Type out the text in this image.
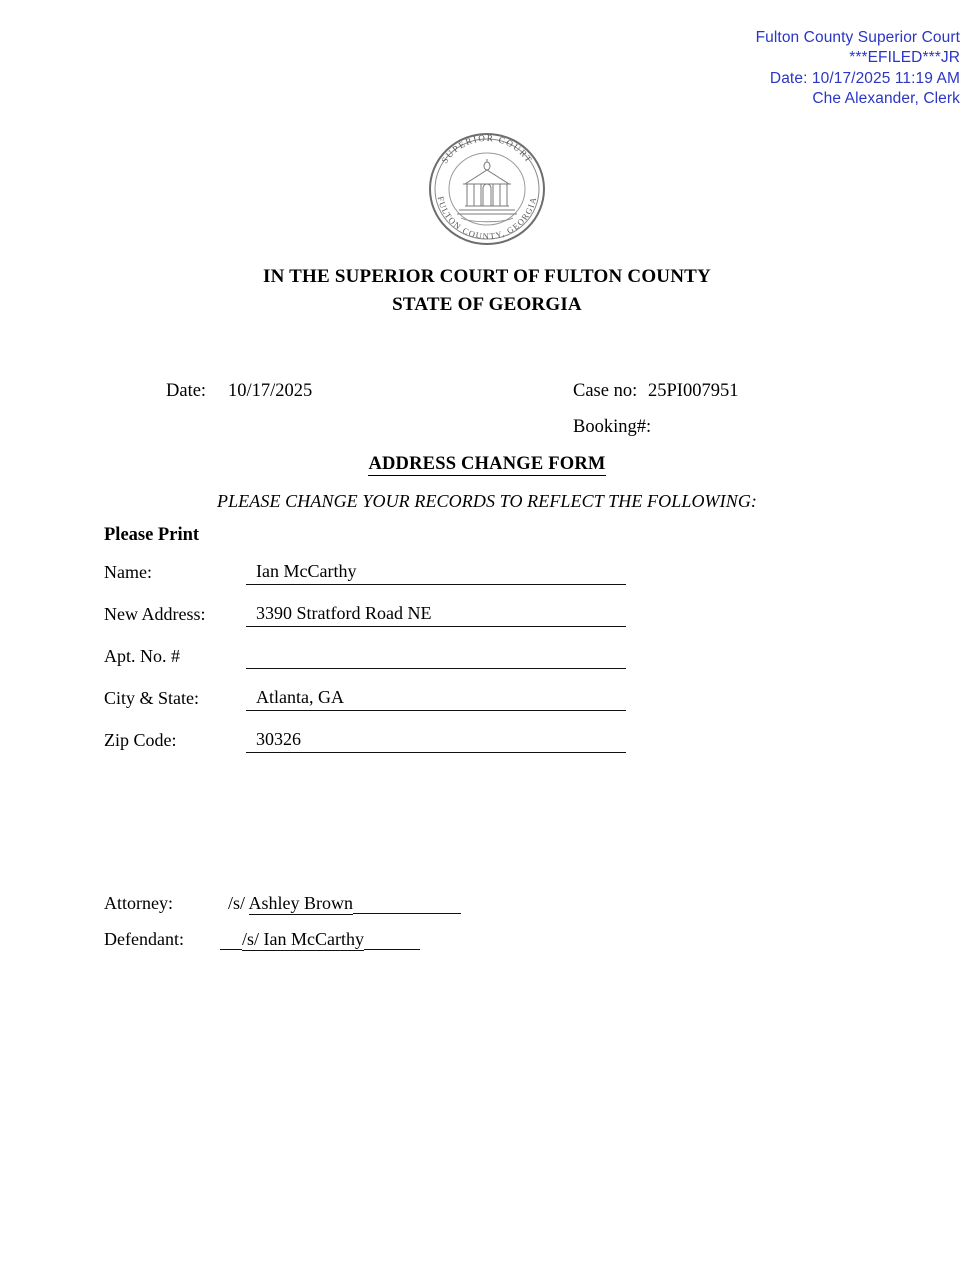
Fulton County Superior Court
***EFILED***JR
Date: 10/17/2025 11:19 AM
Che Alexander, Clerk
SUPERIOR COURT
FULTON COUNTY, GEORGIA
IN THE SUPERIOR COURT OF FULTON COUNTY
STATE OF GEORGIA
Date: 10/17/2025	Case no: 25PI007951
Booking#:
ADDRESS CHANGE FORM
PLEASE CHANGE YOUR RECORDS TO REFLECT THE FOLLOWING:
Please Print
Name:	Ian McCarthy
New Address:	3390 Stratford Road NE
Apt. No. #
City & State:	Atlanta, GA
Zip Code:	30326
Attorney:	/s/ Ashley Brown
Defendant:	/s/ Ian McCarthy
